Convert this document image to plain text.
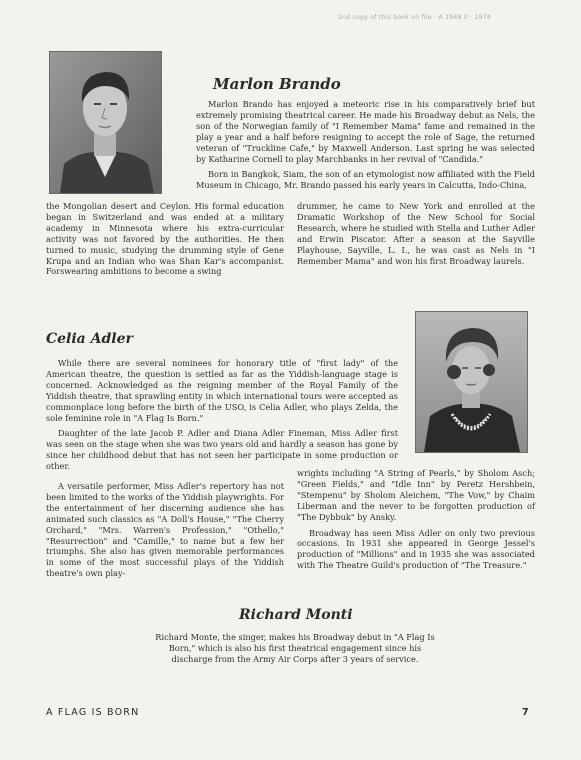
2nd copy of this book on file · A 1948 II · 1974
Marlon Brando

Marlon Brando has enjoyed a meteoric rise in his comparatively brief but extremely promising theatrical career. He made his Broadway debut as Nels, the son of the Norwegian family of "I Remember Mama" fame and remained in the play a year and a half before resigning to accept the role of Sage, the returned veteran of "Truckline Cafe," by Maxwell Anderson. Last spring he was selected by Katharine Cornell to play Marchbanks in her revival of "Candida."

Born in Bangkok, Siam, the son of an etymologist now affiliated with the Field Museum in Chicago, Mr. Brando passed his early years in Calcutta, Indo-China,

the Mongolian desert and Ceylon. His formal education began in Switzerland and was ended at a military academy in Minnesota where his extra-curricular activity was not favored by the authorities. He then turned to music, studying the drumming style of Gene Krupa and an Indian who was Shan Kar's accompanist. Forswearing ambitions to become a swing

drummer, he came to New York and enrolled at the Dramatic Workshop of the New School for Social Research, where he studied with Stella and Luther Adler and Erwin Piscator. After a season at the Sayville Playhouse, Sayville, L. I., he was cast as Nels in "I Remember Mama" and won his first Broadway laurels.

Celia Adler

While there are several nominees for honorary title of "first lady" of the American theatre, the question is settled as far as the Yiddish-language stage is concerned. Acknowledged as the reigning member of the Royal Family of the Yiddish theatre, that sprawling entity in which international tours were accepted as commonplace long before the birth of the USO, is Celia Adler, who plays Zelda, the sole feminine role in "A Flag Is Born."

Daughter of the late Jacob P. Adler and Diana Adler Fineman, Miss Adler first was seen on the stage when she was two years old and hardly a season has gone by since her childhood debut that has not seen her participate in some production or other.

A versatile performer, Miss Adler's repertory has not been limited to the works of the Yiddish playwrights. For the entertainment of her discerning audience she has animated such classics as "A Doll's House," "The Cherry Orchard," "Mrs. Warren's Profession," "Othello," "Resurrection" and "Camille," to name but a few her triumphs. She also has given memorable performances in some of the most successful plays of the Yiddish theatre's own play-

wrights including "A String of Pearls," by Sholom Asch; "Green Fields," and "Idle Inn" by Peretz Hershbein, "Stempenu" by Sholom Aleichem, "The Vow," by Chaim Liberman and the never to be forgotten production of "The Dybbuk" by Ansky.

Broadway has seen Miss Adler on only two previous occasions. In 1931 she appeared in George Jessel's production of "Millions" and in 1935 she was associated with The Theatre Guild's production of "The Treasure."

Richard Monti

Richard Monte, the singer, makes his Broadway debut in "A Flag Is Born," which is also his first theatrical engagement since his discharge from the Army Air Corps after 3 years of service.

A FLAG IS BORN	7
